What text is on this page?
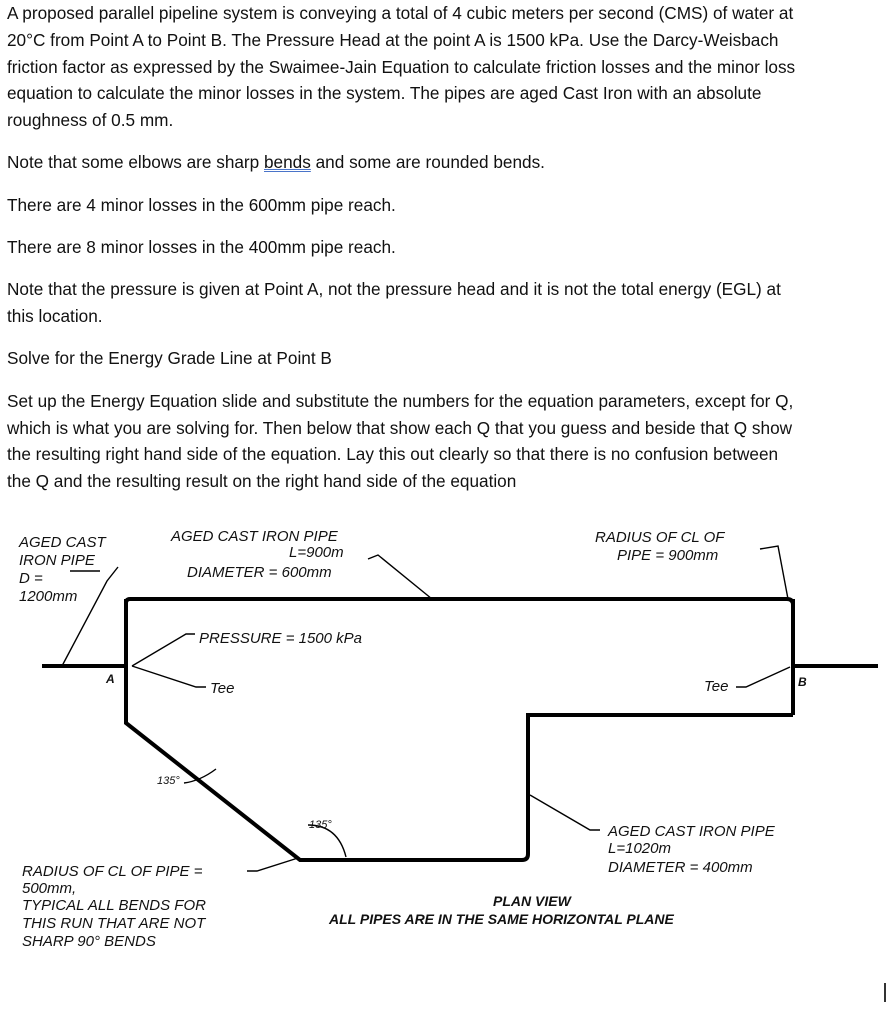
A proposed parallel pipeline system is conveying a total of 4 cubic meters per second (CMS) of water at
20°C from Point A to Point B. The Pressure Head at the point A is 1500 kPa. Use the Darcy-Weisbach
friction factor as expressed by the Swaimee-Jain Equation to calculate friction losses and the minor loss
equation to calculate the minor losses in the system. The pipes are aged Cast Iron with an absolute
roughness of 0.5 mm.

Note that some elbows are sharp bends and some are rounded bends.

There are 4 minor losses in the 600mm pipe reach.

There are 8 minor losses in the 400mm pipe reach.

Note that the pressure is given at Point A, not the pressure head and it is not the total energy (EGL) at
this location.

Solve for the Energy Grade Line at Point B

Set up the Energy Equation slide and substitute the numbers for the equation parameters, except for Q,
which is what you are solving for. Then below that show each Q that you guess and beside that Q show
the resulting right hand side of the equation. Lay this out clearly so that there is no confusion between
the Q and the resulting result on the right hand side of the equation

AGED CAST IRON PIPE D = 1200mm
AGED CAST IRON PIPE L=900m DIAMETER = 600mm
RADIUS OF CL OF PIPE = 900mm
PRESSURE = 1500 kPa
A	B
Tee	Tee
135°
135°	AGED CAST IRON PIPE L=1020m DIAMETER = 400mm
RADIUS OF CL OF PIPE = 500mm, TYPICAL ALL BENDS FOR THIS RUN THAT ARE NOT SHARP 90° BENDS
PLAN VIEW
ALL PIPES ARE IN THE SAME HORIZONTAL PLANE
